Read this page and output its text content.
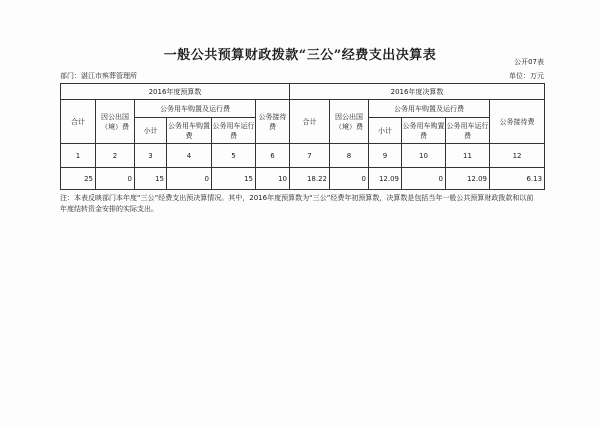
一般公共预算财政拨款“三公”经费支出决算表	公开07表
部门：湛江市殡葬管理所	单位：万元
2016年度预算数						2016年度决算数					
合计	因公出国（境）费	公务用车购置及运行费			公务接待费	合计	因公出国（境）费	公务用车购置及运行费			公务接待费
		小计	公务用车购置费	公务用车运行费				小计	公务用车购置费	公务用车运行费	
1	2	3	4	5	6	7	8	9	10	11	12
25	0	15	0	15	10	18.22	0	12.09	0	12.09	6.13
注：本表反映部门本年度“三公”经费支出预决算情况。其中，2016年度预算数为“三公”经费年初预算数，决算数是包括当年一般公共预算财政拨款和以前年度结转资金安排的实际支出。
